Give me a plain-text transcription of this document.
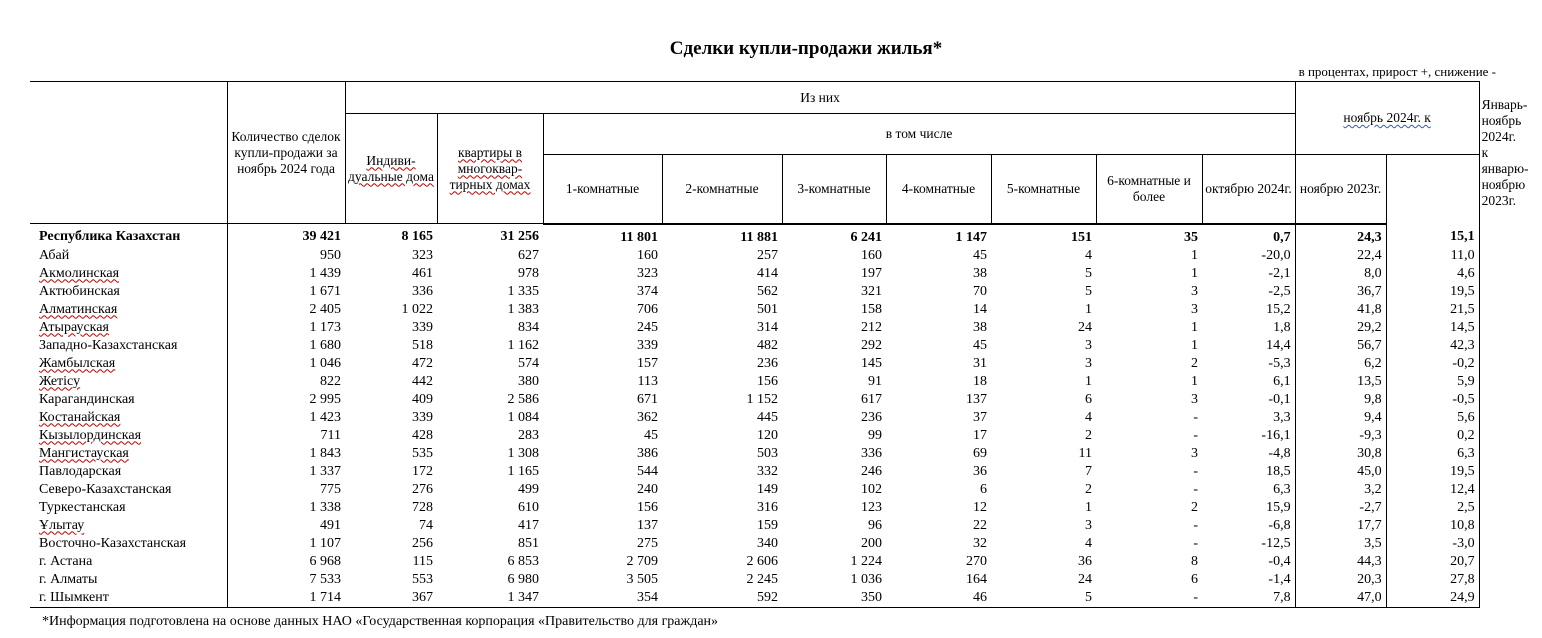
Сделки купли-продажи жилья*
в процентах, прирост +, снижение -
	Количество сделок купли-продажи за ноябрь 2024 года	Из них									ноябрь 2024г. к		Январь-ноябрь 2024г. к январю-ноябрю 2023г.
		Индиви-дуальные дома	квартиры в многоквар-тирных домах	в том числе									
				1-комнатные	2-комнатные	3-комнатные	4-комнатные	5-комнатные	6-комнатные и более	октябрю 2024г.	ноябрю 2023г.		
Республика Казахстан	39 421	8 165	31 256	11 801	11 881	6 241	1 147	151	35	0,7	24,3	15,1	
Абай	950	323	627	160	257	160	45	4	1	-20,0	22,4	11,0	
Акмолинская	1 439	461	978	323	414	197	38	5	1	-2,1	8,0	4,6	
Актюбинская	1 671	336	1 335	374	562	321	70	5	3	-2,5	36,7	19,5	
Алматинская	2 405	1 022	1 383	706	501	158	14	1	3	15,2	41,8	21,5	
Атырауская	1 173	339	834	245	314	212	38	24	1	1,8	29,2	14,5	
Западно-Казахстанская	1 680	518	1 162	339	482	292	45	3	1	14,4	56,7	42,3	
Жамбылская	1 046	472	574	157	236	145	31	3	2	-5,3	6,2	-0,2	
Жетісу	822	442	380	113	156	91	18	1	1	6,1	13,5	5,9	
Карагандинская	2 995	409	2 586	671	1 152	617	137	6	3	-0,1	9,8	-0,5	
Костанайская	1 423	339	1 084	362	445	236	37	4	-	3,3	9,4	5,6	
Кызылординская	711	428	283	45	120	99	17	2	-	-16,1	-9,3	0,2	
Мангистауская	1 843	535	1 308	386	503	336	69	11	3	-4,8	30,8	6,3	
Павлодарская	1 337	172	1 165	544	332	246	36	7	-	18,5	45,0	19,5	
Северо-Казахстанская	775	276	499	240	149	102	6	2	-	6,3	3,2	12,4	
Туркестанская	1 338	728	610	156	316	123	12	1	2	15,9	-2,7	2,5	
Ұлытау	491	74	417	137	159	96	22	3	-	-6,8	17,7	10,8	
Восточно-Казахстанская	1 107	256	851	275	340	200	32	4	-	-12,5	3,5	-3,0	
г. Астана	6 968	115	6 853	2 709	2 606	1 224	270	36	8	-0,4	44,3	20,7	
г. Алматы	7 533	553	6 980	3 505	2 245	1 036	164	24	6	-1,4	20,3	27,8	
г. Шымкент	1 714	367	1 347	354	592	350	46	5	-	7,8	47,0	24,9	
*Информация подготовлена на основе данных НАО «Государственная корпорация «Правительство для граждан»
